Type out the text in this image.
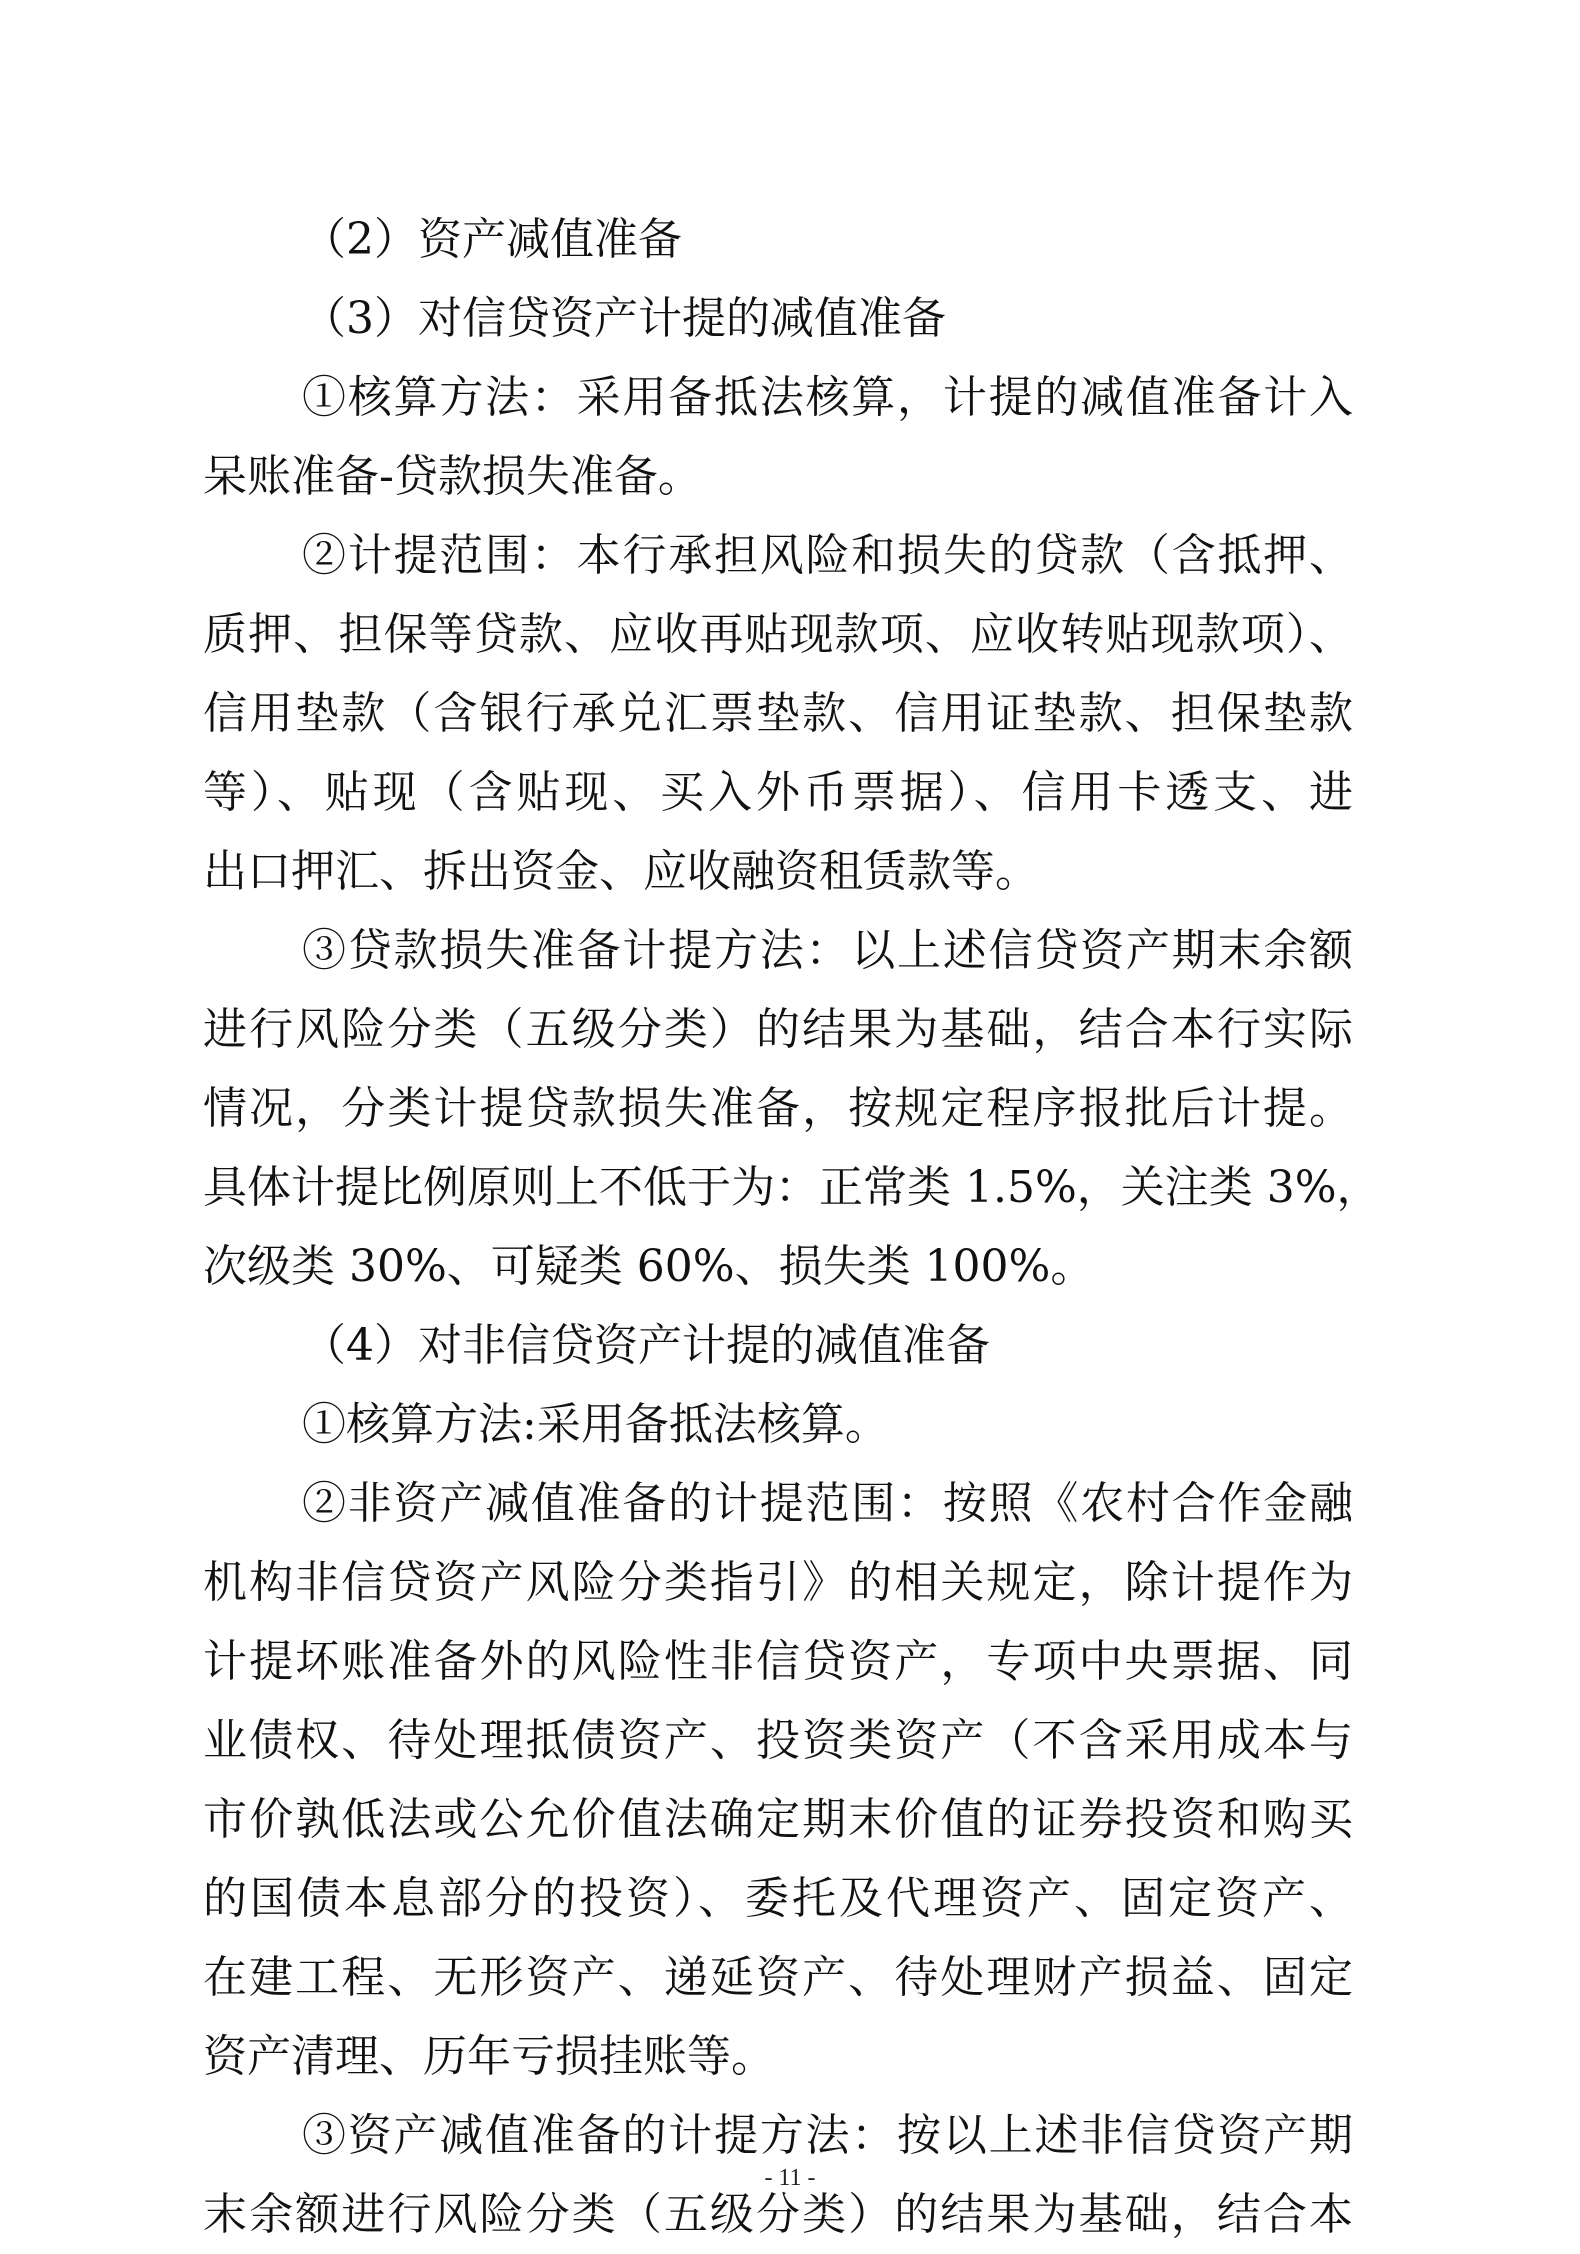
（2）资产减值准备
（3）对信贷资产计提的减值准备
①核算方法：采用备抵法核算，计提的减值准备计入
呆账准备-贷款损失准备。
②计提范围：本行承担风险和损失的贷款（含抵押、
质押、担保等贷款、应收再贴现款项、应收转贴现款项）、
信用垫款（含银行承兑汇票垫款、信用证垫款、担保垫款
等）、贴现（含贴现、买入外币票据）、信用卡透支、进
出口押汇、拆出资金、应收融资租赁款等。
③贷款损失准备计提方法：以上述信贷资产期末余额
进行风险分类（五级分类）的结果为基础，结合本行实际
情况，分类计提贷款损失准备，按规定程序报批后计提。
具体计提比例原则上不低于为：正常类 1.5%，关注类 3%，
次级类 30%、可疑类 60%、损失类 100%。
（4）对非信贷资产计提的减值准备
①核算方法:采用备抵法核算。
②非资产减值准备的计提范围：按照《农村合作金融
机构非信贷资产风险分类指引》的相关规定，除计提作为
计提坏账准备外的风险性非信贷资产，专项中央票据、同
业债权、待处理抵债资产、投资类资产（不含采用成本与
市价孰低法或公允价值法确定期末价值的证券投资和购买
的国债本息部分的投资）、委托及代理资产、固定资产、
在建工程、无形资产、递延资产、待处理财产损益、固定
资产清理、历年亏损挂账等。
③资产减值准备的计提方法：按以上述非信贷资产期
末余额进行风险分类（五级分类）的结果为基础，结合本
- 11 -
